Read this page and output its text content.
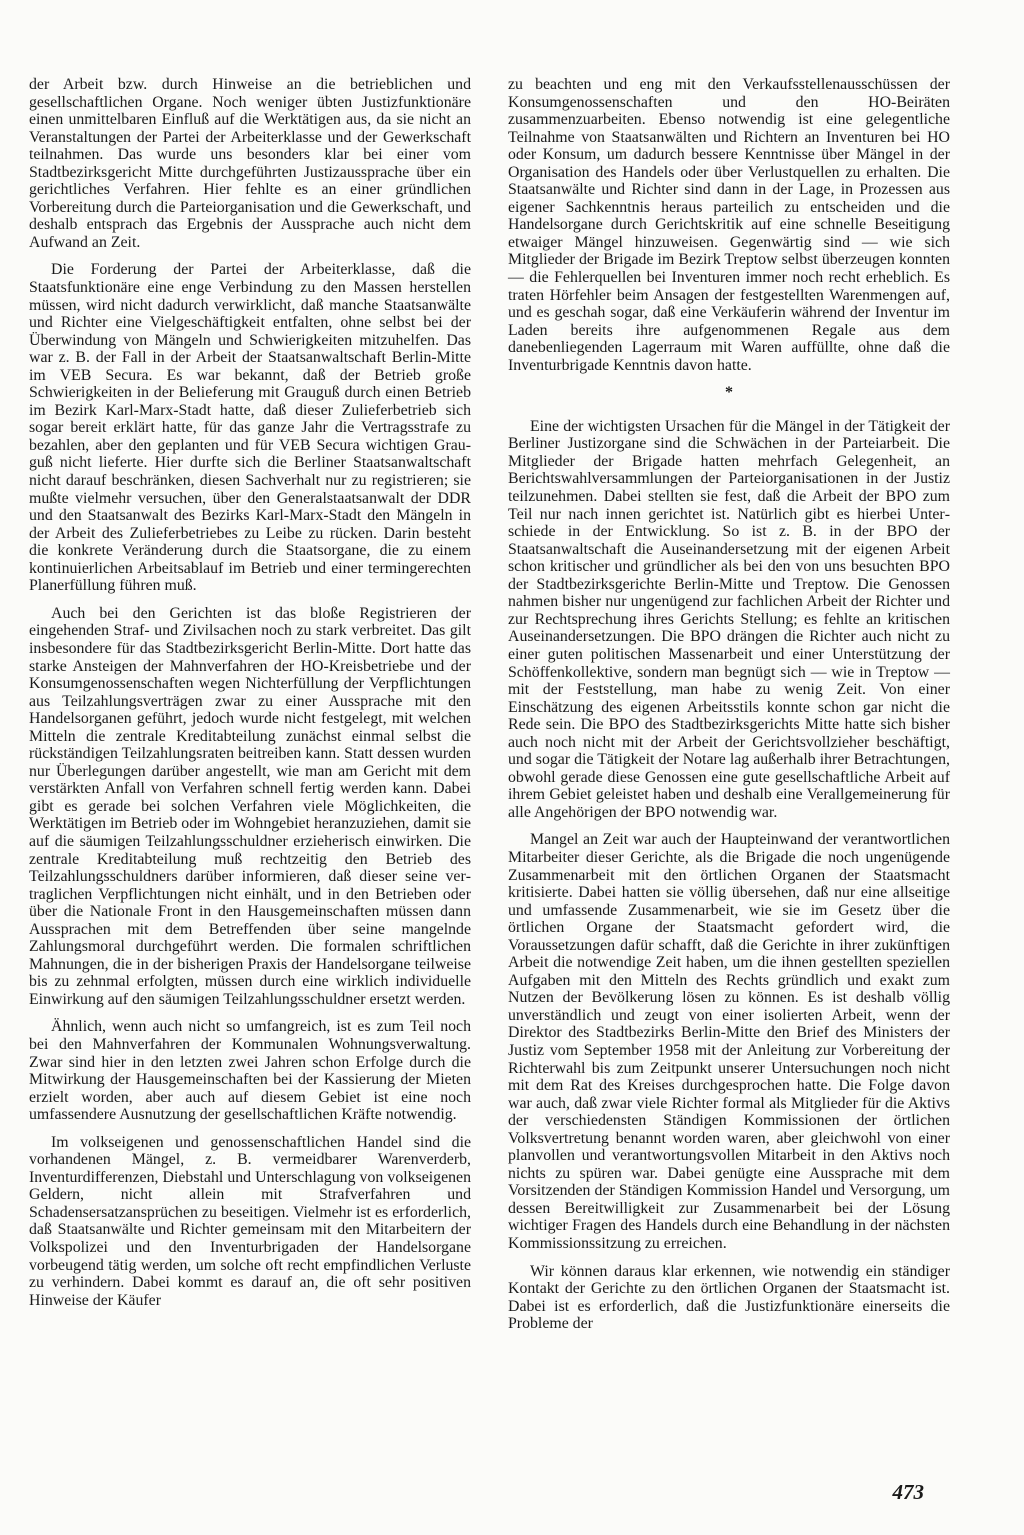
der Arbeit bzw. durch Hinweise an die betrieblichen und gesellschaftlichen Organe. Noch weniger übten Justizfunktionäre einen unmittelbaren Einfluß auf die Werktätigen aus, da sie nicht an Veranstaltungen der Partei der Arbeiterklasse und der Gewerkschaft teilnahmen. Das wurde uns besonders klar bei einer vom Stadtbezirksgericht Mitte durchgeführten Justizaussprache über ein gerichtliches Verfahren. Hier fehlte es an einer gründlichen Vorbereitung durch die Parteiorganisation und die Gewerkschaft, und deshalb entsprach das Ergebnis der Aussprache auch nicht dem Aufwand an Zeit.

Die Forderung der Partei der Arbeiterklasse, daß die Staatsfunktionäre eine enge Verbindung zu den Massen herstellen müssen, wird nicht dadurch verwirklicht, daß manche Staatsanwälte und Richter eine Vielgeschäftigkeit entfalten, ohne selbst bei der Überwindung von Mängeln und Schwierigkeiten mitzuhelfen. Das war z. B. der Fall in der Arbeit der Staatsanwaltschaft Berlin-Mitte im VEB Secura. Es war bekannt, daß der Betrieb große Schwierigkeiten in der Belieferung mit Grauguß durch einen Betrieb im Bezirk Karl-Marx-Stadt hatte, daß dieser Zulieferbetrieb sich sogar bereit erklärt hatte, für das ganze Jahr die Vertragsstrafe zu bezahlen, aber den geplanten und für VEB Secura wichtigen Grauguß nicht lieferte. Hier durfte sich die Berliner Staatsanwaltschaft nicht darauf beschränken, diesen Sachverhalt nur zu registrieren; sie mußte vielmehr versuchen, über den Generalstaatsanwalt der DDR und den Staatsanwalt des Bezirks Karl-Marx-Stadt den Mängeln in der Arbeit des Zulieferbetriebes zu Leibe zu rücken. Darin besteht die konkrete Veränderung durch die Staatsorgane, die zu einem kontinuierlichen Arbeitsablauf im Betrieb und einer termingerechten Planerfüllung führen muß.

Auch bei den Gerichten ist das bloße Registrieren der eingehenden Straf- und Zivilsachen noch zu stark verbreitet. Das gilt insbesondere für das Stadtbezirksgericht Berlin-Mitte. Dort hatte das starke Ansteigen der Mahnverfahren der HO-Kreisbetriebe und der Konsumgenossenschaften wegen Nichterfüllung der Verpflichtungen aus Teilzahlungsverträgen zwar zu einer Aussprache mit den Handelsorganen geführt, jedoch wurde nicht festgelegt, mit welchen Mitteln die zentrale Kreditabteilung zunächst einmal selbst die rückständigen Teilzahlungsraten beitreiben kann. Statt dessen wurden nur Überlegungen darüber angestellt, wie man am Gericht mit dem verstärkten Anfall von Verfahren schnell fertig werden kann. Dabei gibt es gerade bei solchen Verfahren viele Möglichkeiten, die Werktätigen im Betrieb oder im Wohngebiet heranzuziehen, damit sie auf die säumigen Teilzahlungsschuldner erzieherisch einwirken. Die zentrale Kreditabteilung muß rechtzeitig den Betrieb des Teilzahlungsschuldners darüber informieren, daß dieser seine vertraglichen Verpflichtungen nicht einhält, und in den Betrieben oder über die Nationale Front in den Hausgemeinschaften müssen dann Aussprachen mit dem Betreffenden über seine mangelnde Zahlungsmoral durchgeführt werden. Die formalen schriftlichen Mahnungen, die in der bisherigen Praxis der Handelsorgane teilweise bis zu zehnmal erfolgten, müssen durch eine wirklich individuelle Einwirkung auf den säumigen Teilzahlungsschuldner ersetzt werden.

Ähnlich, wenn auch nicht so umfangreich, ist es zum Teil noch bei den Mahnverfahren der Kommunalen Wohnungsverwaltung. Zwar sind hier in den letzten zwei Jahren schon Erfolge durch die Mitwirkung der Hausgemeinschaften bei der Kassierung der Mieten erzielt worden, aber auch auf diesem Gebiet ist eine noch umfassendere Ausnutzung der gesellschaftlichen Kräfte notwendig.

Im volkseigenen und genossenschaftlichen Handel sind die vorhandenen Mängel, z. B. vermeidbarer Warenverderb, Inventurdifferenzen, Diebstahl und Unterschlagung von volkseigenen Geldern, nicht allein mit Strafverfahren und Schadensersatzansprüchen zu beseitigen. Vielmehr ist es erforderlich, daß Staatsanwälte und Richter gemeinsam mit den Mitarbeitern der Volkspolizei und den Inventurbrigaden der Handelsorgane vorbeugend tätig werden, um solche oft recht empfindlichen Verluste zu verhindern. Dabei kommt es darauf an, die oft sehr positiven Hinweise der Käufer

zu beachten und eng mit den Verkaufsstellenausschüssen der Konsumgenossenschaften und den HO-Beiräten zusammenzuarbeiten. Ebenso notwendig ist eine gelegentliche Teilnahme von Staatsanwälten und Richtern an Inventuren bei HO oder Konsum, um dadurch bessere Kenntnisse über Mängel in der Organisation des Handels oder über Verlustquellen zu erhalten. Die Staatsanwälte und Richter sind dann in der Lage, in Prozessen aus eigener Sachkenntnis heraus parteilich zu entscheiden und die Handelsorgane durch Gerichtskritik auf eine schnelle Beseitigung etwaiger Mängel hinzuweisen. Gegenwärtig sind — wie sich Mitglieder der Brigade im Bezirk Treptow selbst überzeugen konnten — die Fehlerquellen bei Inventuren immer noch recht erheblich. Es traten Hörfehler beim Ansagen der festgestellten Warenmengen auf, und es geschah sogar, daß eine Verkäuferin während der Inventur im Laden bereits ihre aufgenommenen Regale aus dem danebenliegenden Lagerraum mit Waren auffüllte, ohne daß die Inventurbrigade Kenntnis davon hatte.

*

Eine der wichtigsten Ursachen für die Mängel in der Tätigkeit der Berliner Justizorgane sind die Schwächen in der Parteiarbeit. Die Mitglieder der Brigade hatten mehrfach Gelegenheit, an Berichtswahlversammlungen der Parteiorganisationen in der Justiz teilzunehmen. Dabei stellten sie fest, daß die Arbeit der BPO zum Teil nur nach innen gerichtet ist. Natürlich gibt es hierbei Unterschiede in der Entwicklung. So ist z. B. in der BPO der Staatsanwaltschaft die Auseinandersetzung mit der eigenen Arbeit schon kritischer und gründlicher als bei den von uns besuchten BPO der Stadtbezirksgerichte Berlin-Mitte und Treptow. Die Genossen nahmen bisher nur ungenügend zur fachlichen Arbeit der Richter und zur Rechtsprechung ihres Gerichts Stellung; es fehlte an kritischen Auseinandersetzungen. Die BPO drängen die Richter auch nicht zu einer guten politischen Massenarbeit und einer Unterstützung der Schöffenkollektive, sondern man begnügt sich — wie in Treptow — mit der Feststellung, man habe zu wenig Zeit. Von einer Einschätzung des eigenen Arbeitsstils konnte schon gar nicht die Rede sein. Die BPO des Stadtbezirksgerichts Mitte hatte sich bisher auch noch nicht mit der Arbeit der Gerichtsvollzieher beschäftigt, und sogar die Tätigkeit der Notare lag außerhalb ihrer Betrachtungen, obwohl gerade diese Genossen eine gute gesellschaftliche Arbeit auf ihrem Gebiet geleistet haben und deshalb eine Verallgemeinerung für alle Angehörigen der BPO notwendig war.

Mangel an Zeit war auch der Haupteinwand der verantwortlichen Mitarbeiter dieser Gerichte, als die Brigade die noch ungenügende Zusammenarbeit mit den örtlichen Organen der Staatsmacht kritisierte. Dabei hatten sie völlig übersehen, daß nur eine allseitige und umfassende Zusammenarbeit, wie sie im Gesetz über die örtlichen Organe der Staatsmacht gefordert wird, die Voraussetzungen dafür schafft, daß die Gerichte in ihrer zukünftigen Arbeit die notwendige Zeit haben, um die ihnen gestellten speziellen Aufgaben mit den Mitteln des Rechts gründlich und exakt zum Nutzen der Bevölkerung lösen zu können. Es ist deshalb völlig unverständlich und zeugt von einer isolierten Arbeit, wenn der Direktor des Stadtbezirks Berlin-Mitte den Brief des Ministers der Justiz vom September 1958 mit der Anleitung zur Vorbereitung der Richterwahl bis zum Zeitpunkt unserer Untersuchungen noch nicht mit dem Rat des Kreises durchgesprochen hatte. Die Folge davon war auch, daß zwar viele Richter formal als Mitglieder für die Aktivs der verschiedensten Ständigen Kommissionen der örtlichen Volksvertretung benannt worden waren, aber gleichwohl von einer planvollen und verantwortungsvollen Mitarbeit in den Aktivs noch nichts zu spüren war. Dabei genügte eine Aussprache mit dem Vorsitzenden der Ständigen Kommission Handel und Versorgung, um dessen Bereitwilligkeit zur Zusammenarbeit bei der Lösung wichtiger Fragen des Handels durch eine Behandlung in der nächsten Kommissionssitzung zu erreichen.

Wir können daraus klar erkennen, wie notwendig ein ständiger Kontakt der Gerichte zu den örtlichen Organen der Staatsmacht ist. Dabei ist es erforderlich, daß die Justizfunktionäre einerseits die Probleme der

473
